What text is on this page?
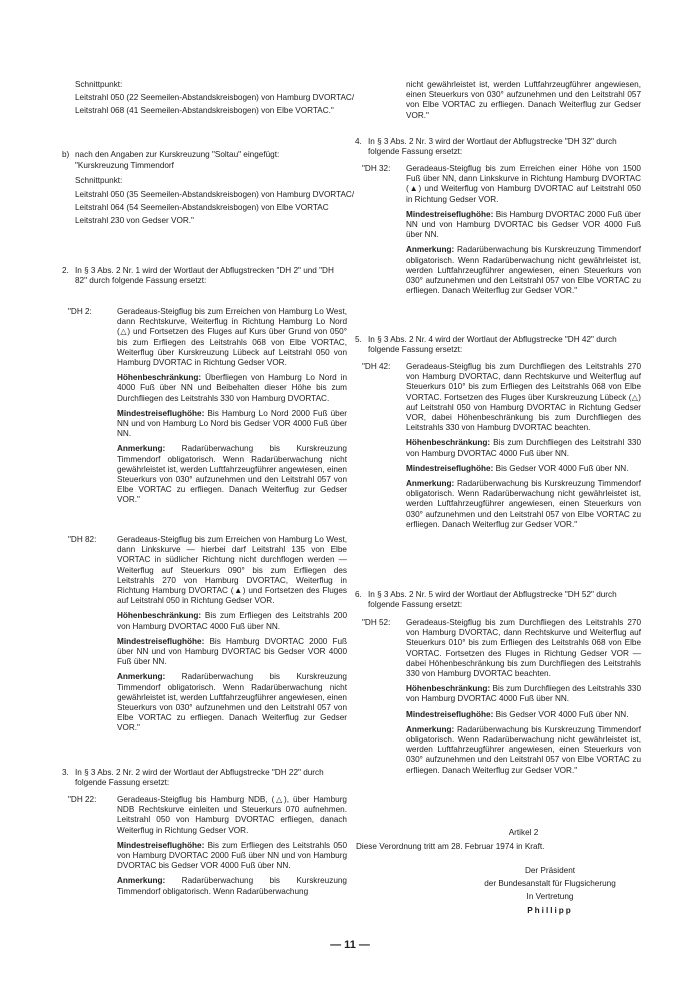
Schnittpunkt:

Leitstrahl 050 (22 Seemeilen-Abstandskreisbogen) von Hamburg DVORTAC/

Leitstrahl 068 (41 Seemeilen-Abstandskreisbogen) von Elbe VORTAC."

b) nach den Angaben zur Kurskreuzung "Soltau" eingefügt:

"Kurskreuzung Timmendorf

Schnittpunkt:

Leitstrahl 050 (35 Seemeilen-Abstandskreisbogen) von Hamburg DVORTAC/

Leitstrahl 064 (54 Seemeilen-Abstandskreisbogen) von Elbe VORTAC

Leitstrahl 230 von Gedser VOR."

2. In § 3 Abs. 2 Nr. 1 wird der Wortlaut der Abflugstrecken "DH 2" und "DH 82" durch folgende Fassung ersetzt:

"DH 2:	Geradeaus-Steigflug bis zum Erreichen von Hamburg Lo West, dann Rechtskurve, Weiterflug in Richtung Hamburg Lo Nord (△) und Fortsetzen des Fluges auf Kurs über Grund von 050° bis zum Erfliegen des Leitstrahls 068 von Elbe VORTAC, Weiterflug über Kurskreuzung Lübeck auf Leitstrahl 050 von Hamburg DVORTAC in Richtung Gedser VOR.

Höhenbeschränkung: Überfliegen von Hamburg Lo Nord in 4000 Fuß über NN und Beibehalten dieser Höhe bis zum Durchfliegen des Leitstrahls 330 von Hamburg DVORTAC.

Mindestreiseflughöhe: Bis Hamburg Lo Nord 2000 Fuß über NN und von Hamburg Lo Nord bis Gedser VOR 4000 Fuß über NN.

Anmerkung: Radarüberwachung bis Kurskreuzung Timmendorf obligatorisch. Wenn Radarüberwachung nicht gewährleistet ist, werden Luftfahrzeugführer angewiesen, einen Steuerkurs von 030° aufzunehmen und den Leitstrahl 057 von Elbe VORTAC zu erfliegen. Danach Weiterflug zur Gedser VOR."

"DH 82:	Geradeaus-Steigflug bis zum Erreichen von Hamburg Lo West, dann Linkskurve — hierbei darf Leitstrahl 135 von Elbe VORTAC in südlicher Richtung nicht durchflogen werden — Weiterflug auf Steuerkurs 090° bis zum Erfliegen des Leitstrahls 270 von Hamburg DVORTAC, Weiterflug in Richtung Hamburg DVORTAC (▲) und Fortsetzen des Fluges auf Leitstrahl 050 in Richtung Gedser VOR.

Höhenbeschränkung: Bis zum Erfliegen des Leitstrahls 200 von Hamburg DVORTAC 4000 Fuß über NN.

Mindestreiseflughöhe: Bis Hamburg DVORTAC 2000 Fuß über NN und von Hamburg DVORTAC bis Gedser VOR 4000 Fuß über NN.

Anmerkung: Radarüberwachung bis Kurskreuzung Timmendorf obligatorisch. Wenn Radarüberwachung nicht gewährleistet ist, werden Luftfahrzeugführer angewiesen, einen Steuerkurs von 030° aufzunehmen und den Leitstrahl 057 von Elbe VORTAC zu erfliegen. Danach Weiterflug zur Gedser VOR."

3. In § 3 Abs. 2 Nr. 2 wird der Wortlaut der Abflugstrecke "DH 22" durch folgende Fassung ersetzt:

"DH 22:	Geradeaus-Steigflug bis Hamburg NDB, (△), über Hamburg NDB Rechtskurve einleiten und Steuerkurs 070 aufnehmen. Leitstrahl 050 von Hamburg DVORTAC erfliegen, danach Weiterflug in Richtung Gedser VOR.

Mindestreiseflughöhe: Bis zum Erfliegen des Leitstrahls 050 von Hamburg DVORTAC 2000 Fuß über NN und von Hamburg DVORTAC bis Gedser VOR 4000 Fuß über NN.

Anmerkung: Radarüberwachung bis Kurskreuzung Timmendorf obligatorisch. Wenn Radarüberwachung

nicht gewährleistet ist, werden Luftfahrzeugführer angewiesen, einen Steuerkurs von 030° aufzunehmen und den Leitstrahl 057 von Elbe VORTAC zu erfliegen. Danach Weiterflug zur Gedser VOR."

4. In § 3 Abs. 2 Nr. 3 wird der Wortlaut der Abflugstrecke "DH 32" durch folgende Fassung ersetzt:

"DH 32: Geradeaus-Steigflug bis zum Erreichen einer Höhe von 1500 Fuß über NN, dann Linkskurve in Richtung Hamburg DVORTAC (▲) und Weiterflug von Hamburg DVORTAC auf Leitstrahl 050 in Richtung Gedser VOR.

Mindestreiseflughöhe: Bis Hamburg DVORTAC 2000 Fuß über NN und von Hamburg DVORTAC bis Gedser VOR 4000 Fuß über NN.

Anmerkung: Radarüberwachung bis Kurskreuzung Timmendorf obligatorisch. Wenn Radarüberwachung nicht gewährleistet ist, werden Luftfahrzeugführer angewiesen, einen Steuerkurs von 030° aufzunehmen und den Leitstrahl 057 von Elbe VORTAC zu erfliegen. Danach Weiterflug zur Gedser VOR."

5. In § 3 Abs. 2 Nr. 4 wird der Wortlaut der Abflugstrecke "DH 42" durch folgende Fassung ersetzt:

"DH 42: Geradeaus-Steigflug bis zum Durchfliegen des Leitstrahls 270 von Hamburg DVORTAC, dann Rechtskurve und Weiterflug auf Steuerkurs 010° bis zum Erfliegen des Leitstrahls 068 von Elbe VORTAC. Fortsetzen des Fluges über Kurskreuzung Lübeck (△) auf Leitstrahl 050 von Hamburg DVORTAC in Richtung Gedser VOR, dabei Höhenbeschränkung bis zum Durchfliegen des Leitstrahls 330 von Hamburg DVORTAC beachten.

Höhenbeschränkung: Bis zum Durchfliegen des Leitstrahl 330 von Hamburg DVORTAC 4000 Fuß über NN.

Mindestreiseflughöhe: Bis Gedser VOR 4000 Fuß über NN.

Anmerkung: Radarüberwachung bis Kurskreuzung Timmendorf obligatorisch. Wenn Radarüberwachung nicht gewährleistet ist, werden Luftfahrzeugführer angewiesen, einen Steuerkurs von 030° aufzunehmen und den Leitstrahl 057 von Elbe VORTAC zu erfliegen. Danach Weiterflug zur Gedser VOR."

6. In § 3 Abs. 2 Nr. 5 wird der Wortlaut der Abflugstrecke "DH 52" durch folgende Fassung ersetzt:

"DH 52: Geradeaus-Steigflug bis zum Durchfliegen des Leitstrahls 270 von Hamburg DVORTAC, dann Rechtskurve und Weiterflug auf Steuerkurs 010° bis zum Erfliegen des Leitstrahls 068 von Elbe VORTAC. Fortsetzen des Fluges in Richtung Gedser VOR — dabei Höhenbeschränkung bis zum Durchfliegen des Leitstrahls 330 von Hamburg DVORTAC beachten.

Höhenbeschränkung: Bis zum Durchfliegen des Leitstrahls 330 von Hamburg DVORTAC 4000 Fuß über NN.

Mindestreiseflughöhe: Bis Gedser VOR 4000 Fuß über NN.

Anmerkung: Radarüberwachung bis Kurskreuzung Timmendorf obligatorisch. Wenn Radarüberwachung nicht gewährleistet ist, werden Luftfahrzeugführer angewiesen, einen Steuerkurs von 030° aufzunehmen und den Leitstrahl 057 von Elbe VORTAC zu erfliegen. Danach Weiterflug zur Gedser VOR."

Artikel 2

Diese Verordnung tritt am 28. Februar 1974 in Kraft.

Der Präsident

der Bundesanstalt für Flugsicherung

In Vertretung

Phillipp

— 11 —
